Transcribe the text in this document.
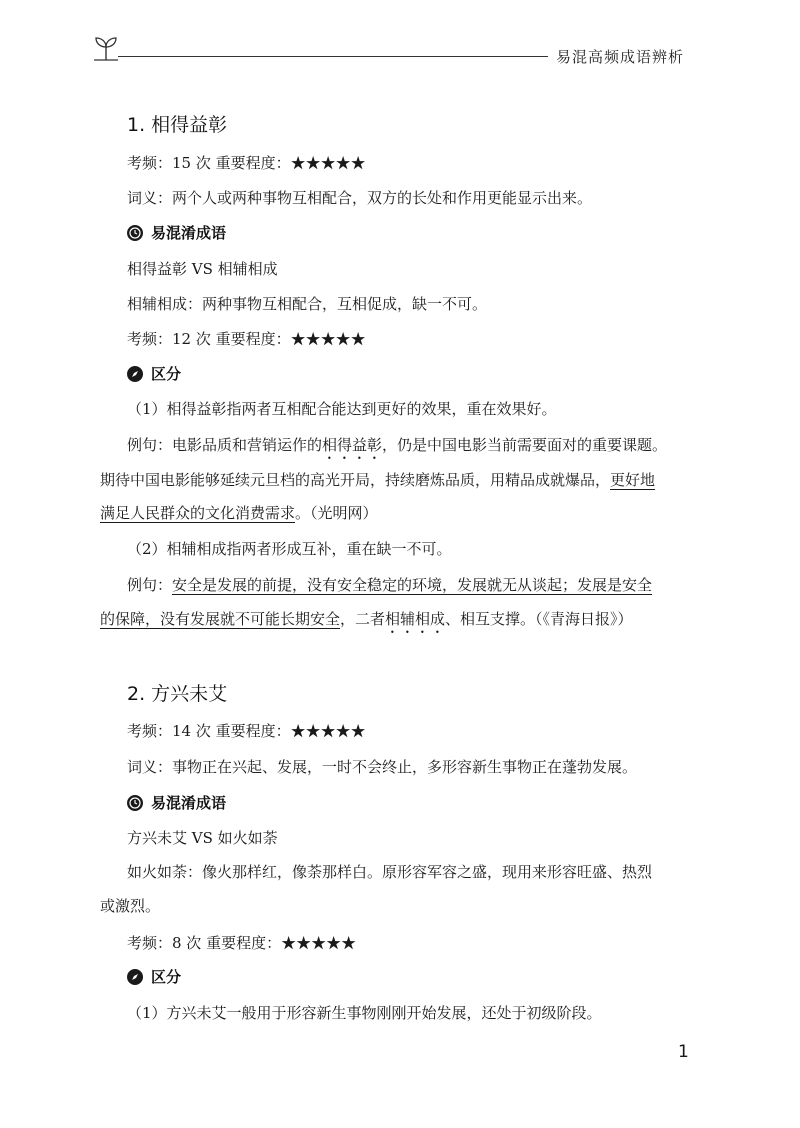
易混高频成语辨析
1. 相得益彰
考频：15 次 重要程度：★★★★★
词义：两个人或两种事物互相配合，双方的长处和作用更能显示出来。
易混淆成语
相得益彰 VS 相辅相成
相辅相成：两种事物互相配合，互相促成，缺一不可。
考频：12 次 重要程度：★★★★★
区分
（1）相得益彰指两者互相配合能达到更好的效果，重在效果好。
例句：电影品质和营销运作的相得益彰，仍是中国电影当前需要面对的重要课题。
期待中国电影能够延续元旦档的高光开局，持续磨炼品质，用精品成就爆品，更好地
满足人民群众的文化消费需求。（光明网）
（2）相辅相成指两者形成互补，重在缺一不可。
例句：安全是发展的前提，没有安全稳定的环境，发展就无从谈起；发展是安全
的保障，没有发展就不可能长期安全，二者相辅相成、相互支撑。（《青海日报》）
2. 方兴未艾
考频：14 次 重要程度：★★★★★
词义：事物正在兴起、发展，一时不会终止，多形容新生事物正在蓬勃发展。
易混淆成语
方兴未艾 VS 如火如荼
如火如荼：像火那样红，像荼那样白。原形容军容之盛，现用来形容旺盛、热烈
或激烈。
考频：8 次 重要程度：★★★★★
区分
（1）方兴未艾一般用于形容新生事物刚刚开始发展，还处于初级阶段。
1
